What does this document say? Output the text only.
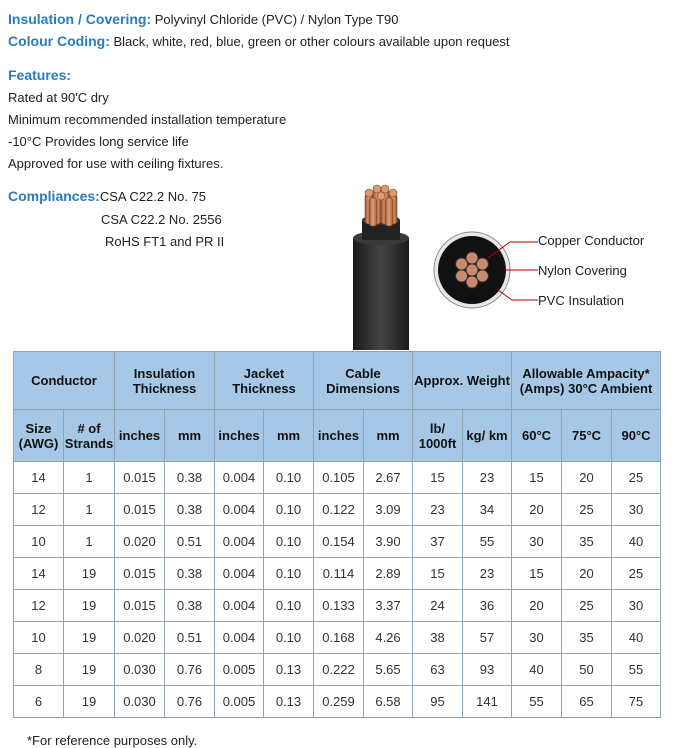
Insulation / Covering: Polyvinyl Chloride (PVC) / Nylon Type T90
Colour Coding: Black, white, red, blue, green or other colours available upon request
Features:
Rated at 90'C dry
Minimum recommended installation temperature
-10°C Provides long service life
Approved for use with ceiling fixtures.
Compliances:CSA C22.2 No. 75
CSA C22.2 No. 2556
RoHS FT1 and PR II	Copper Conductor
Nylon Covering
PVC Insulation
Conductor		Insulation Thickness		Jacket Thickness		Cable Dimensions		Approx. Weight		Allowable Ampacity* (Amps) 30°C Ambient		
Size (AWG)	# of Strands	inches	mm	inches	mm	inches	mm	lb/ 1000ft	kg/ km	60°C	75°C	90°C
14	1	0.015	0.38	0.004	0.10	0.105	2.67	15	23	15	20	25
12	1	0.015	0.38	0.004	0.10	0.122	3.09	23	34	20	25	30
10	1	0.020	0.51	0.004	0.10	0.154	3.90	37	55	30	35	40
14	19	0.015	0.38	0.004	0.10	0.114	2.89	15	23	15	20	25
12	19	0.015	0.38	0.004	0.10	0.133	3.37	24	36	20	25	30
10	19	0.020	0.51	0.004	0.10	0.168	4.26	38	57	30	35	40
8	19	0.030	0.76	0.005	0.13	0.222	5.65	63	93	40	50	55
6	19	0.030	0.76	0.005	0.13	0.259	6.58	95	141	55	65	75
*For reference purposes only.
